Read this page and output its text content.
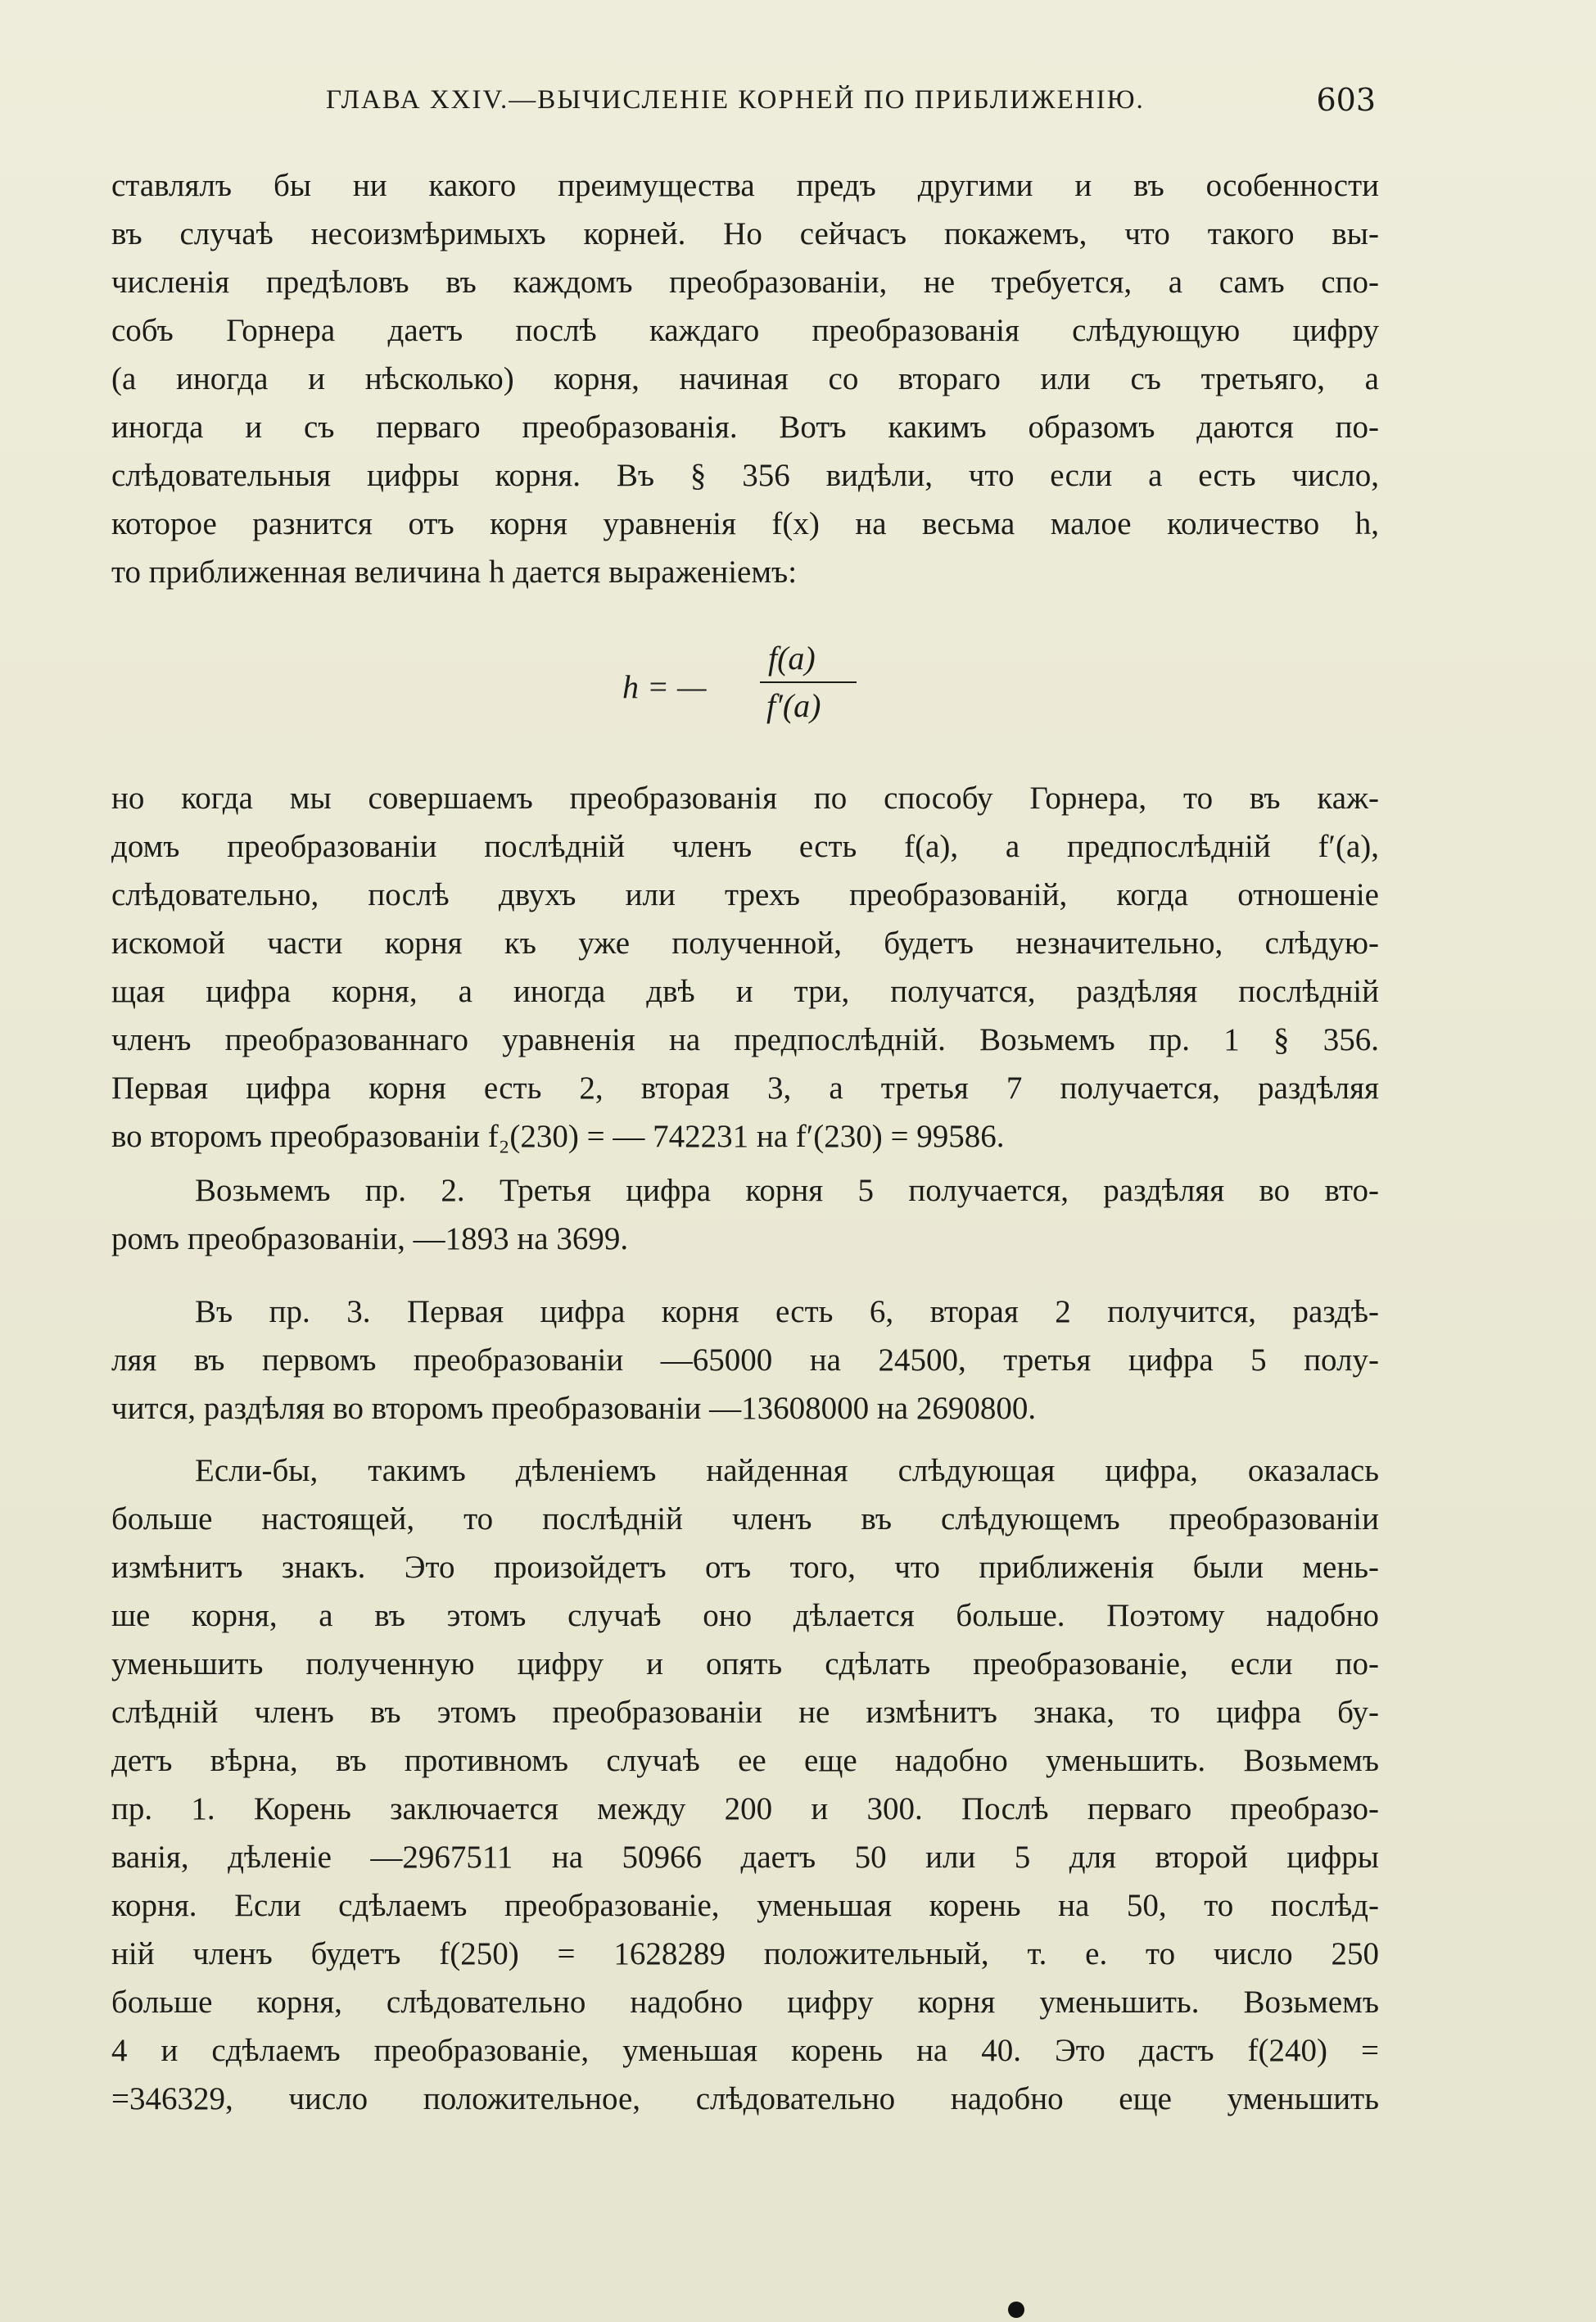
ГЛАВА XXIV.—ВЫЧИСЛЕНІЕ КОРНЕЙ ПО ПРИБЛИЖЕНІЮ.	603
ставлялъ бы ни какого преимущества предъ другими и въ особенности
въ случаѣ несоизмѣримыхъ корней. Но сейчасъ покажемъ, что такого вы-
численія предѣловъ въ каждомъ преобразованіи, не требуется, а самъ спо-
собъ Горнера даетъ послѣ каждаго преобразованія слѣдующую цифру
(а иногда и нѣсколько) корня, начиная со втораго или съ третьяго, а
иногда и съ перваго преобразованія. Вотъ какимъ образомъ даются по-
слѣдовательныя цифры корня. Въ § 356 видѣли, что если a есть число,
которое разнится отъ корня уравненія f(x) на весьма малое количество h,
то приближенная величина h дается выраженіемъ:
h = —
f(a)
f′(a)
но когда мы совершаемъ преобразованія по способу Горнера, то въ каж-
домъ преобразованіи послѣдній членъ есть f(a), а предпослѣдній f′(a),
слѣдовательно, послѣ двухъ или трехъ преобразованій, когда отношеніе
искомой части корня къ уже полученной, будетъ незначительно, слѣдую-
щая цифра корня, а иногда двѣ и три, получатся, раздѣляя послѣдній
членъ преобразованнаго уравненія на предпослѣдній. Возьмемъ пр. 1 § 356.
Первая цифра корня есть 2, вторая 3, а третья 7 получается, раздѣляя
во второмъ преобразованіи f₂(230) = — 742231 на f′(230) = 99586.
Возьмемъ пр. 2. Третья цифра корня 5 получается, раздѣляя во вто-
ромъ преобразованіи, —1893 на 3699.
Въ пр. 3. Первая цифра корня есть 6, вторая 2 получится, раздѣ-
ляя въ первомъ преобразованіи —65000 на 24500, третья цифра 5 полу-
чится, раздѣляя во второмъ преобразованіи —13608000 на 2690800.
Если-бы, такимъ дѣленіемъ найденная слѣдующая цифра, оказалась
больше настоящей, то послѣдній членъ въ слѣдующемъ преобразованіи
измѣнитъ знакъ. Это произойдетъ отъ того, что приближенія были мень-
ше корня, а въ этомъ случаѣ оно дѣлается больше. Поэтому надобно
уменьшить полученную цифру и опять сдѣлать преобразованіе, если по-
слѣдній членъ въ этомъ преобразованіи не измѣнитъ знака, то цифра бу-
детъ вѣрна, въ противномъ случаѣ ее еще надобно уменьшить. Возьмемъ
пр. 1. Корень заключается между 200 и 300. Послѣ перваго преобразо-
ванія, дѣленіе —2967511 на 50966 даетъ 50 или 5 для второй цифры
корня. Если сдѣлаемъ преобразованіе, уменьшая корень на 50, то послѣд-
ній членъ будетъ f(250) = 1628289 положительный, т. е. то число 250
больше корня, слѣдовательно надобно цифру корня уменьшить. Возьмемъ
4 и сдѣлаемъ преобразованіе, уменьшая корень на 40. Это дастъ f(240) =
=346329, число положительное, слѣдовательно надобно еще уменьшить
